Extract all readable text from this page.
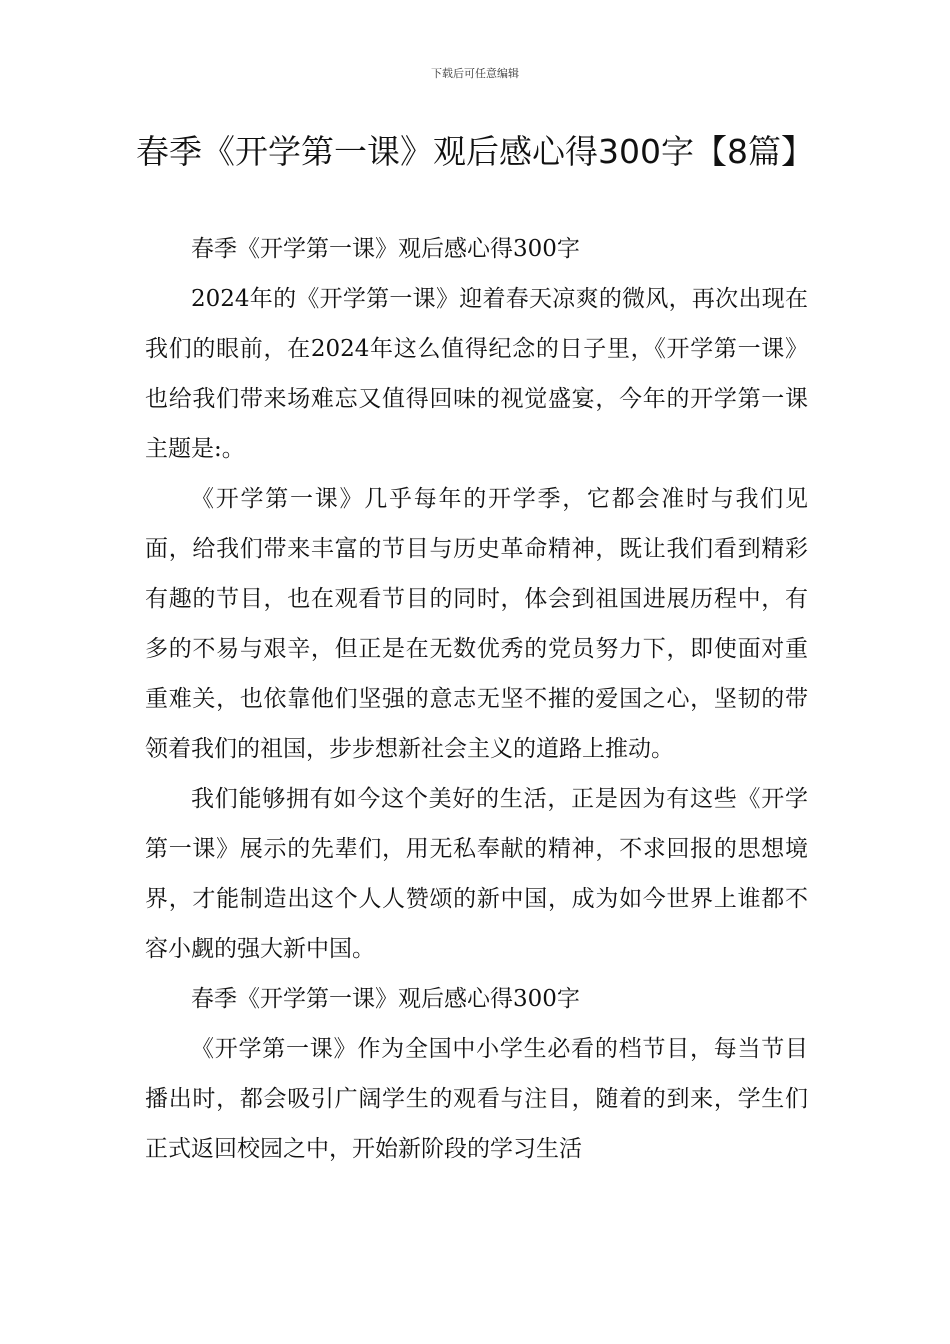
下载后可任意编辑
春季《开学第一课》观后感心得300字【8篇】

春季《开学第一课》观后感心得300字

2024年的《开学第一课》迎着春天凉爽的微风，再次出现在我们的眼前，在2024年这么值得纪念的日子里，《开学第一课》也给我们带来场难忘又值得回味的视觉盛宴，今年的开学第一课主题是:。

《开学第一课》几乎每年的开学季，它都会准时与我们见面，给我们带来丰富的节目与历史革命精神，既让我们看到精彩有趣的节目，也在观看节目的同时，体会到祖国进展历程中，有多的不易与艰辛，但正是在无数优秀的党员努力下，即使面对重重难关，也依靠他们坚强的意志无坚不摧的爱国之心，坚韧的带领着我们的祖国，步步想新社会主义的道路上推动。

我们能够拥有如今这个美好的生活，正是因为有这些《开学第一课》展示的先辈们，用无私奉献的精神，不求回报的思想境界，才能制造出这个人人赞颂的新中国，成为如今世界上谁都不容小觑的强大新中国。

春季《开学第一课》观后感心得300字

《开学第一课》作为全国中小学生必看的档节目，每当节目播出时，都会吸引广阔学生的观看与注目，随着的到来，学生们正式返回校园之中，开始新阶段的学习生活
